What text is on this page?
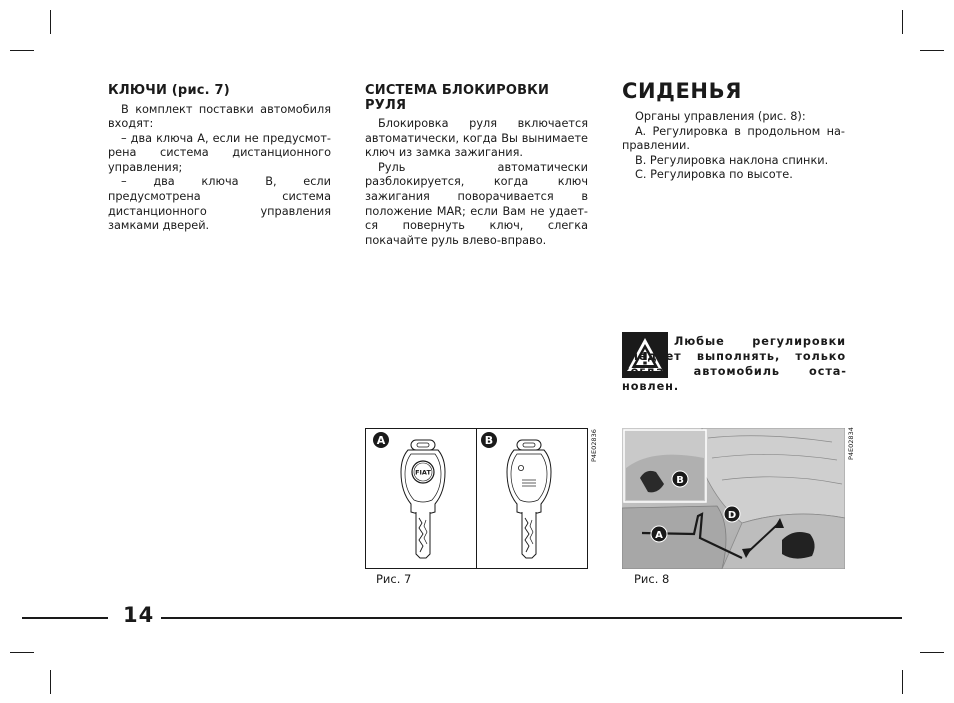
КЛЮЧИ (рис. 7)

В комплект поставки автомобиля входят:

– два ключа A, если не предусмотрена система дистанционного управления;

– два ключа B, если предусмотрена система дистанционного управления замками дверей.

СИСТЕМА БЛОКИРОВКИ
РУЛЯ

Блокировка руля включается автоматически, когда Вы вынимаете ключ из замка зажигания.

Руль автоматически разблокируется, когда ключ зажигания поворачивается в положение MAR; если Вам не удается повернуть ключ, слегка покачайте руль влево-вправо.

СИДЕНЬЯ

Органы управления (рис. 8):

A. Регулировка в продольном направлении.

B. Регулировка наклона спинки.

C. Регулировка по высоте.

Любые регулировки следует выполнять, только когда автомобиль остановлен.
A
FIAT
B	P4E02836
Рис. 7
B
A
D
P4E02834
Рис. 8
14
